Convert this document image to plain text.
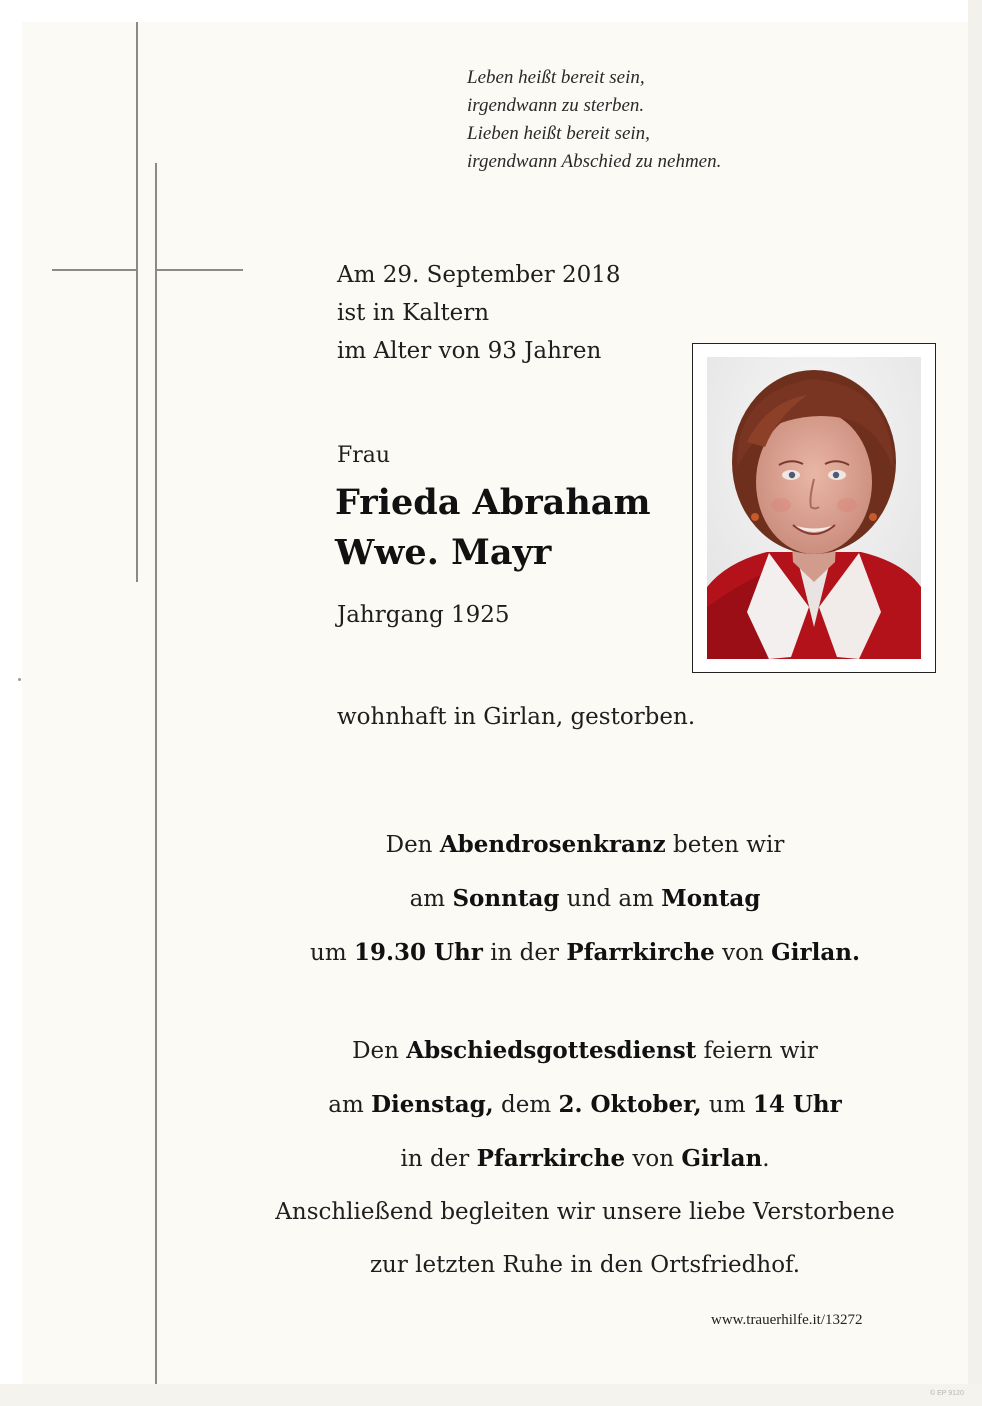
Leben heißt bereit sein,
irgendwann zu sterben.
Lieben heißt bereit sein,
irgendwann Abschied zu nehmen.
Am 29. September 2018
ist in Kaltern
im Alter von 93 Jahren
Frau
Frieda Abraham
Wwe. Mayr
Jahrgang 1925
wohnhaft in Girlan, gestorben.
Den Abendrosenkranz beten wir
am Sonntag und am Montag
um 19.30 Uhr in der Pfarrkirche von Girlan.
Den Abschiedsgottesdienst feiern wir
am Dienstag, dem 2. Oktober, um 14 Uhr
in der Pfarrkirche von Girlan.
Anschließend begleiten wir unsere liebe Verstorbene
zur letzten Ruhe in den Ortsfriedhof.
www.trauerhilfe.it/13272
© EP 9120
